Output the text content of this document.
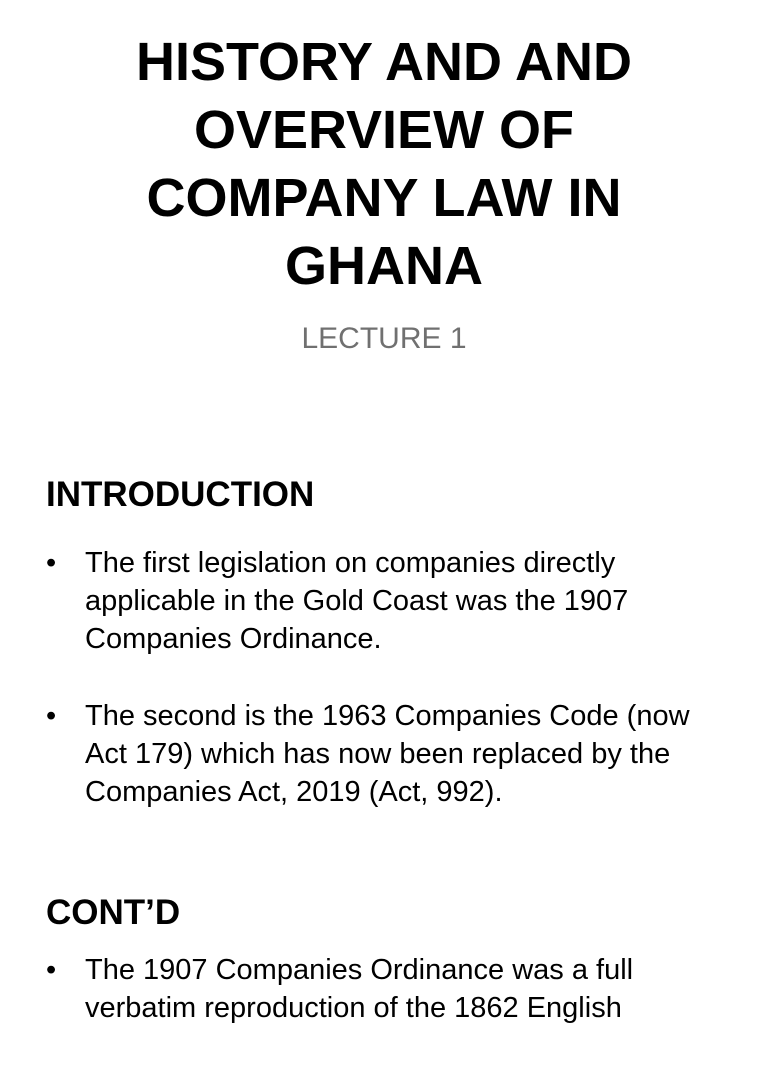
HISTORY AND AND OVERVIEW OF COMPANY LAW IN GHANA

LECTURE 1

INTRODUCTION
• The first legislation on companies directly applicable in the Gold Coast was the 1907 Companies Ordinance.
• The second is the 1963 Companies Code (now Act 179) which has now been replaced by the Companies Act, 2019 (Act, 992).
CONT’D
• The 1907 Companies Ordinance was a full verbatim reproduction of the 1862 English
